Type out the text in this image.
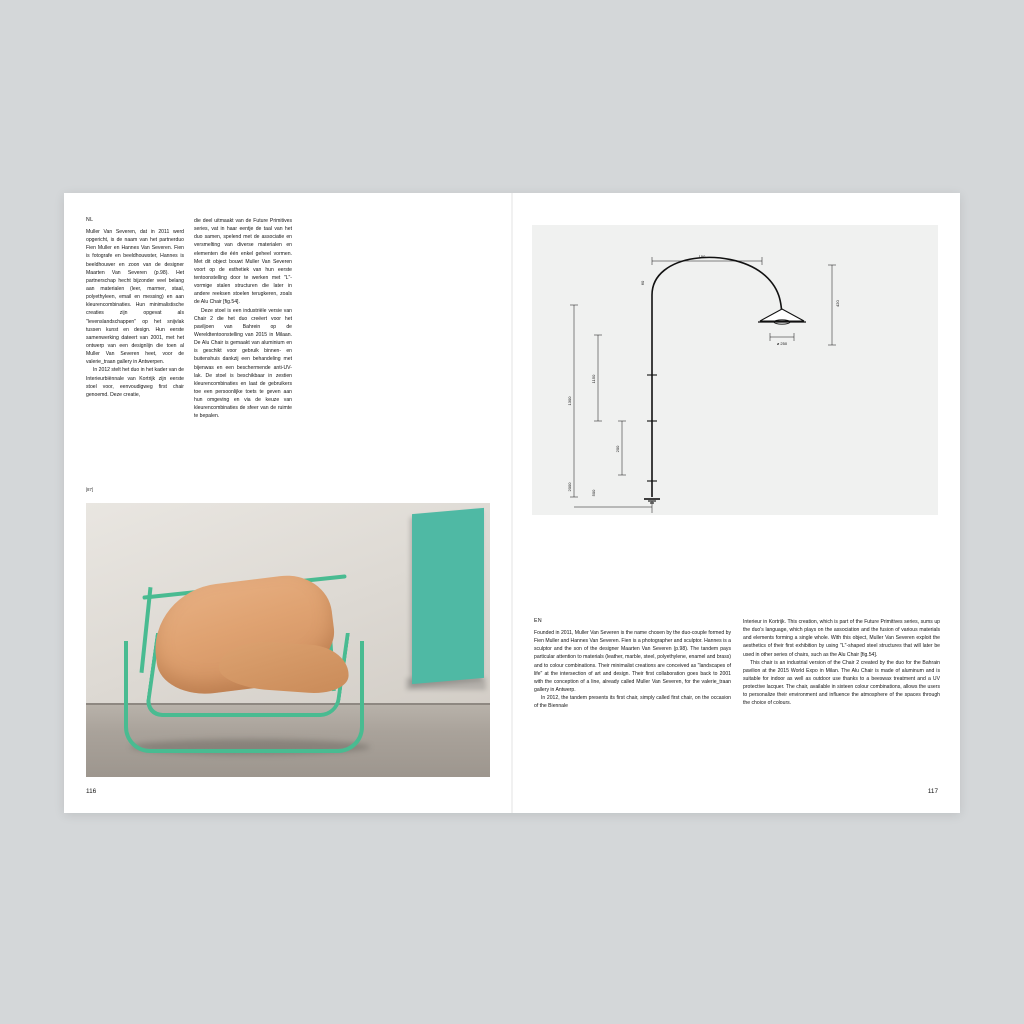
NL

Muller Van Severen, dat in 2011 werd opgericht, is de naam van het partnerduo Fien Muller en Hannes Van Severen. Fien is fotografe en beeldhouwster, Hannes is beeldhouwer en zoon van de designer Maarten Van Severen (p.98). Het partnerschap hecht bijzonder veel belang aan materialen (leer, marmer, staal, polyethyleen, email en messing) en aan kleurencombinaties. Hun minimalistische creaties zijn opgevat als "levenslandschappen" op het snijvlak tussen kunst en design. Hun eerste samenwerking dateert van 2001, met het ontwerp van een designlijn die toen al Muller Van Severen heet, voor de valerie_traan gallery in Antwerpen.

In 2012 stelt het duo in het kader van de Interieurbiënnale van Kortrijk zijn eerste stoel voor, eenvoudigweg first chair genoemd. Deze creatie,

die deel uitmaakt van de Future Primitives series, vat in haar eentje de taal van het duo samen, spelend met de associatie en versmelting van diverse materialen en elementen die één enkel geheel vormen. Met dit object bouwt Muller Van Severen voort op de esthetiek van hun eerste tentoonstelling door te werken met "L"-vormige stalen structuren die later in andere reeksen stoelen terugkeren, zoals de Alu Chair [fig.54].

Deze stoel is een industriële versie van Chair 2 die het duo creëert voor het paviljoen van Bahrein op de Wereldtentoonstelling van 2015 in Milaan. De Alu Chair is gemaakt van aluminium en is geschikt voor gebruik binnen- en buitenshuis dankzij een behandeling met bijenwas en een beschermende anti-UV-lak. De stoel is beschikbaar in zestien kleurencombinaties en laat de gebruikers toe een persoonlijke toets te geven aan hun omgeving en via de keuze van kleurencombinaties de sfeer van de ruimte te bepalen.

[87]
116
150
60
420
1300
1150
200
2000
500
ø 250
EN

Founded in 2011, Muller Van Severen is the name chosen by the duo-couple formed by Fien Muller and Hannes Van Severen. Fien is a photographer and sculptor. Hannes is a sculptor and the son of the designer Maarten Van Severen (p.98). The tandem pays particular attention to materials (leather, marble, steel, polyethylene, enamel and brass) and to colour combinations. Their minimalist creations are conceived as "landscapes of life" at the intersection of art and design. Their first collaboration goes back to 2001 with the conception of a line, already called Muller Van Severen, for the valerie_traan gallery in Antwerp.

In 2012, the tandem presents its first chair, simply called first chair, on the occasion of the Biennale

Interieur in Kortrijk. This creation, which is part of the Future Primitives series, sums up the duo's language, which plays on the association and the fusion of various materials and elements forming a single whole. With this object, Muller Van Severen exploit the aesthetics of their first exhibition by using "L"-shaped steel structures that will later be used in other series of chairs, such as the Alu Chair [fig.54].

This chair is an industrial version of the Chair 2 created by the duo for the Bahrain pavilion at the 2015 World Expo in Milan. The Alu Chair is made of aluminum and is suitable for indoor as well as outdoor use thanks to a beeswax treatment and a UV protective lacquer. The chair, available in sixteen colour combinations, allows the users to personalize their environment and influence the atmosphere of the spaces through the choice of colours.

117
